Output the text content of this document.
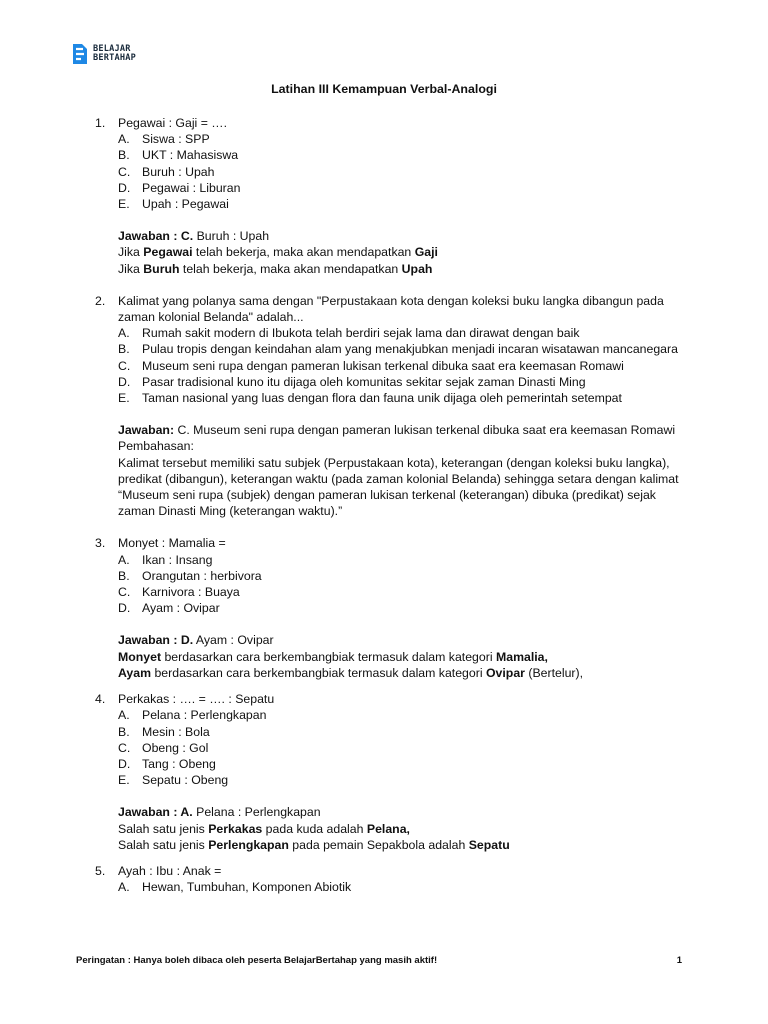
BELAJAR
BERTAHAP
Latihan III Kemampuan Verbal-Analogi
1.	Pegawai : Gaji = ….
A.	Siswa : SPP
B.	UKT : Mahasiswa
C. Buruh : Upah
D. Pegawai : Liburan
E.	Upah : Pegawai
Jawaban : C. Buruh : Upah
Jika Pegawai telah bekerja, maka akan mendapatkan Gaji
Jika Buruh telah bekerja, maka akan mendapatkan Upah
2.	Kalimat yang polanya sama dengan "Perpustakaan kota dengan koleksi buku langka dibangun pada zaman kolonial Belanda" adalah...
A.	Rumah sakit modern di Ibukota telah berdiri sejak lama dan dirawat dengan baik
B.	Pulau tropis dengan keindahan alam yang menakjubkan menjadi incaran wisatawan mancanegara
C. Museum seni rupa dengan pameran lukisan terkenal dibuka saat era keemasan Romawi
D. Pasar tradisional kuno itu dijaga oleh komunitas sekitar sejak zaman Dinasti Ming
E.	Taman nasional yang luas dengan flora dan fauna unik dijaga oleh pemerintah setempat
Jawaban: C. Museum seni rupa dengan pameran lukisan terkenal dibuka saat era keemasan Romawi
Pembahasan:
Kalimat tersebut memiliki satu subjek (Perpustakaan kota), keterangan (dengan koleksi buku langka), predikat (dibangun), keterangan waktu (pada zaman kolonial Belanda) sehingga setara dengan kalimat “Museum seni rupa (subjek) dengan pameran lukisan terkenal (keterangan) dibuka (predikat) sejak zaman Dinasti Ming (keterangan waktu).”
3.	Monyet : Mamalia =
A.	Ikan : Insang
B.	Orangutan : herbivora
C. Karnivora : Buaya
D. Ayam : Ovipar
Jawaban : D. Ayam : Ovipar
Monyet berdasarkan cara berkembangbiak termasuk dalam kategori Mamalia,
Ayam berdasarkan cara berkembangbiak termasuk dalam kategori Ovipar (Bertelur),
4.	Perkakas : …. = …. : Sepatu
A.	Pelana : Perlengkapan
B.	Mesin : Bola
C. Obeng : Gol
D. Tang : Obeng
E.	Sepatu : Obeng
Jawaban : A. Pelana : Perlengkapan
Salah satu jenis Perkakas pada kuda adalah Pelana,
Salah satu jenis Perlengkapan pada pemain Sepakbola adalah Sepatu
5.	Ayah : Ibu : Anak =
A.	Hewan, Tumbuhan, Komponen Abiotik
Peringatan : Hanya boleh dibaca oleh peserta BelajarBertahap yang masih aktif!	1
